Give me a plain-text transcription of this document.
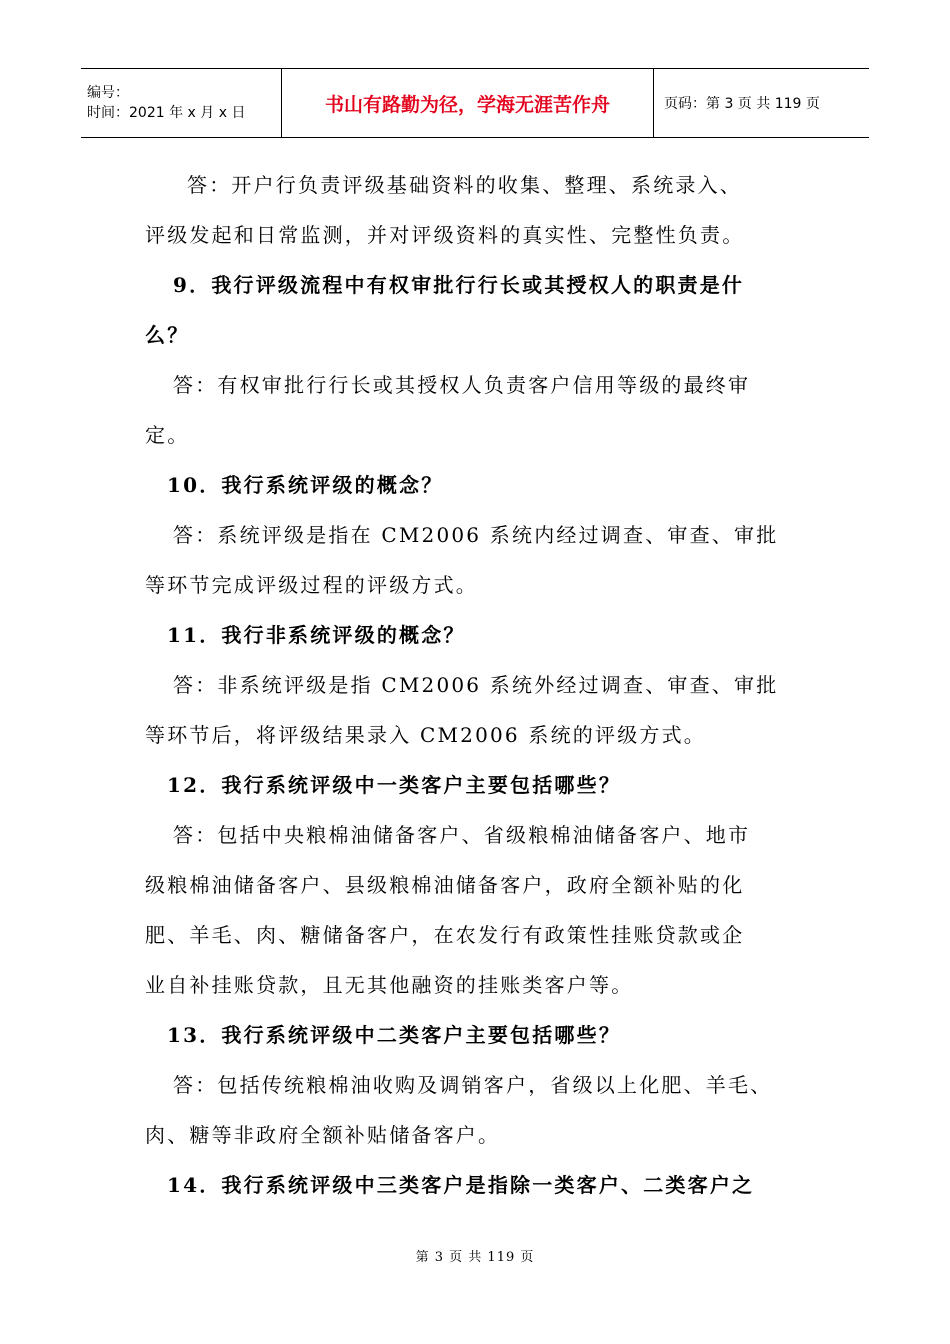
编号：
时间：2021 年 x 月 x 日	书山有路勤为径，学海无涯苦作舟	页码：第 3 页 共 119 页
答：开户行负责评级基础资料的收集、整理、系统录入、
评级发起和日常监测，并对评级资料的真实性、完整性负责。
9．我行评级流程中有权审批行行长或其授权人的职责是什
么？
答：有权审批行行长或其授权人负责客户信用等级的最终审
定。
10．我行系统评级的概念？
答：系统评级是指在 CM2006 系统内经过调查、审查、审批
等环节完成评级过程的评级方式。
11．我行非系统评级的概念？
答：非系统评级是指 CM2006 系统外经过调查、审查、审批
等环节后，将评级结果录入 CM2006 系统的评级方式。
12．我行系统评级中一类客户主要包括哪些？
答：包括中央粮棉油储备客户、省级粮棉油储备客户、地市
级粮棉油储备客户、县级粮棉油储备客户，政府全额补贴的化
肥、羊毛、肉、糖储备客户，在农发行有政策性挂账贷款或企
业自补挂账贷款，且无其他融资的挂账类客户等。
13．我行系统评级中二类客户主要包括哪些？
答：包括传统粮棉油收购及调销客户，省级以上化肥、羊毛、
肉、糖等非政府全额补贴储备客户。
14．我行系统评级中三类客户是指除一类客户、二类客户之
第 3 页 共 119 页
